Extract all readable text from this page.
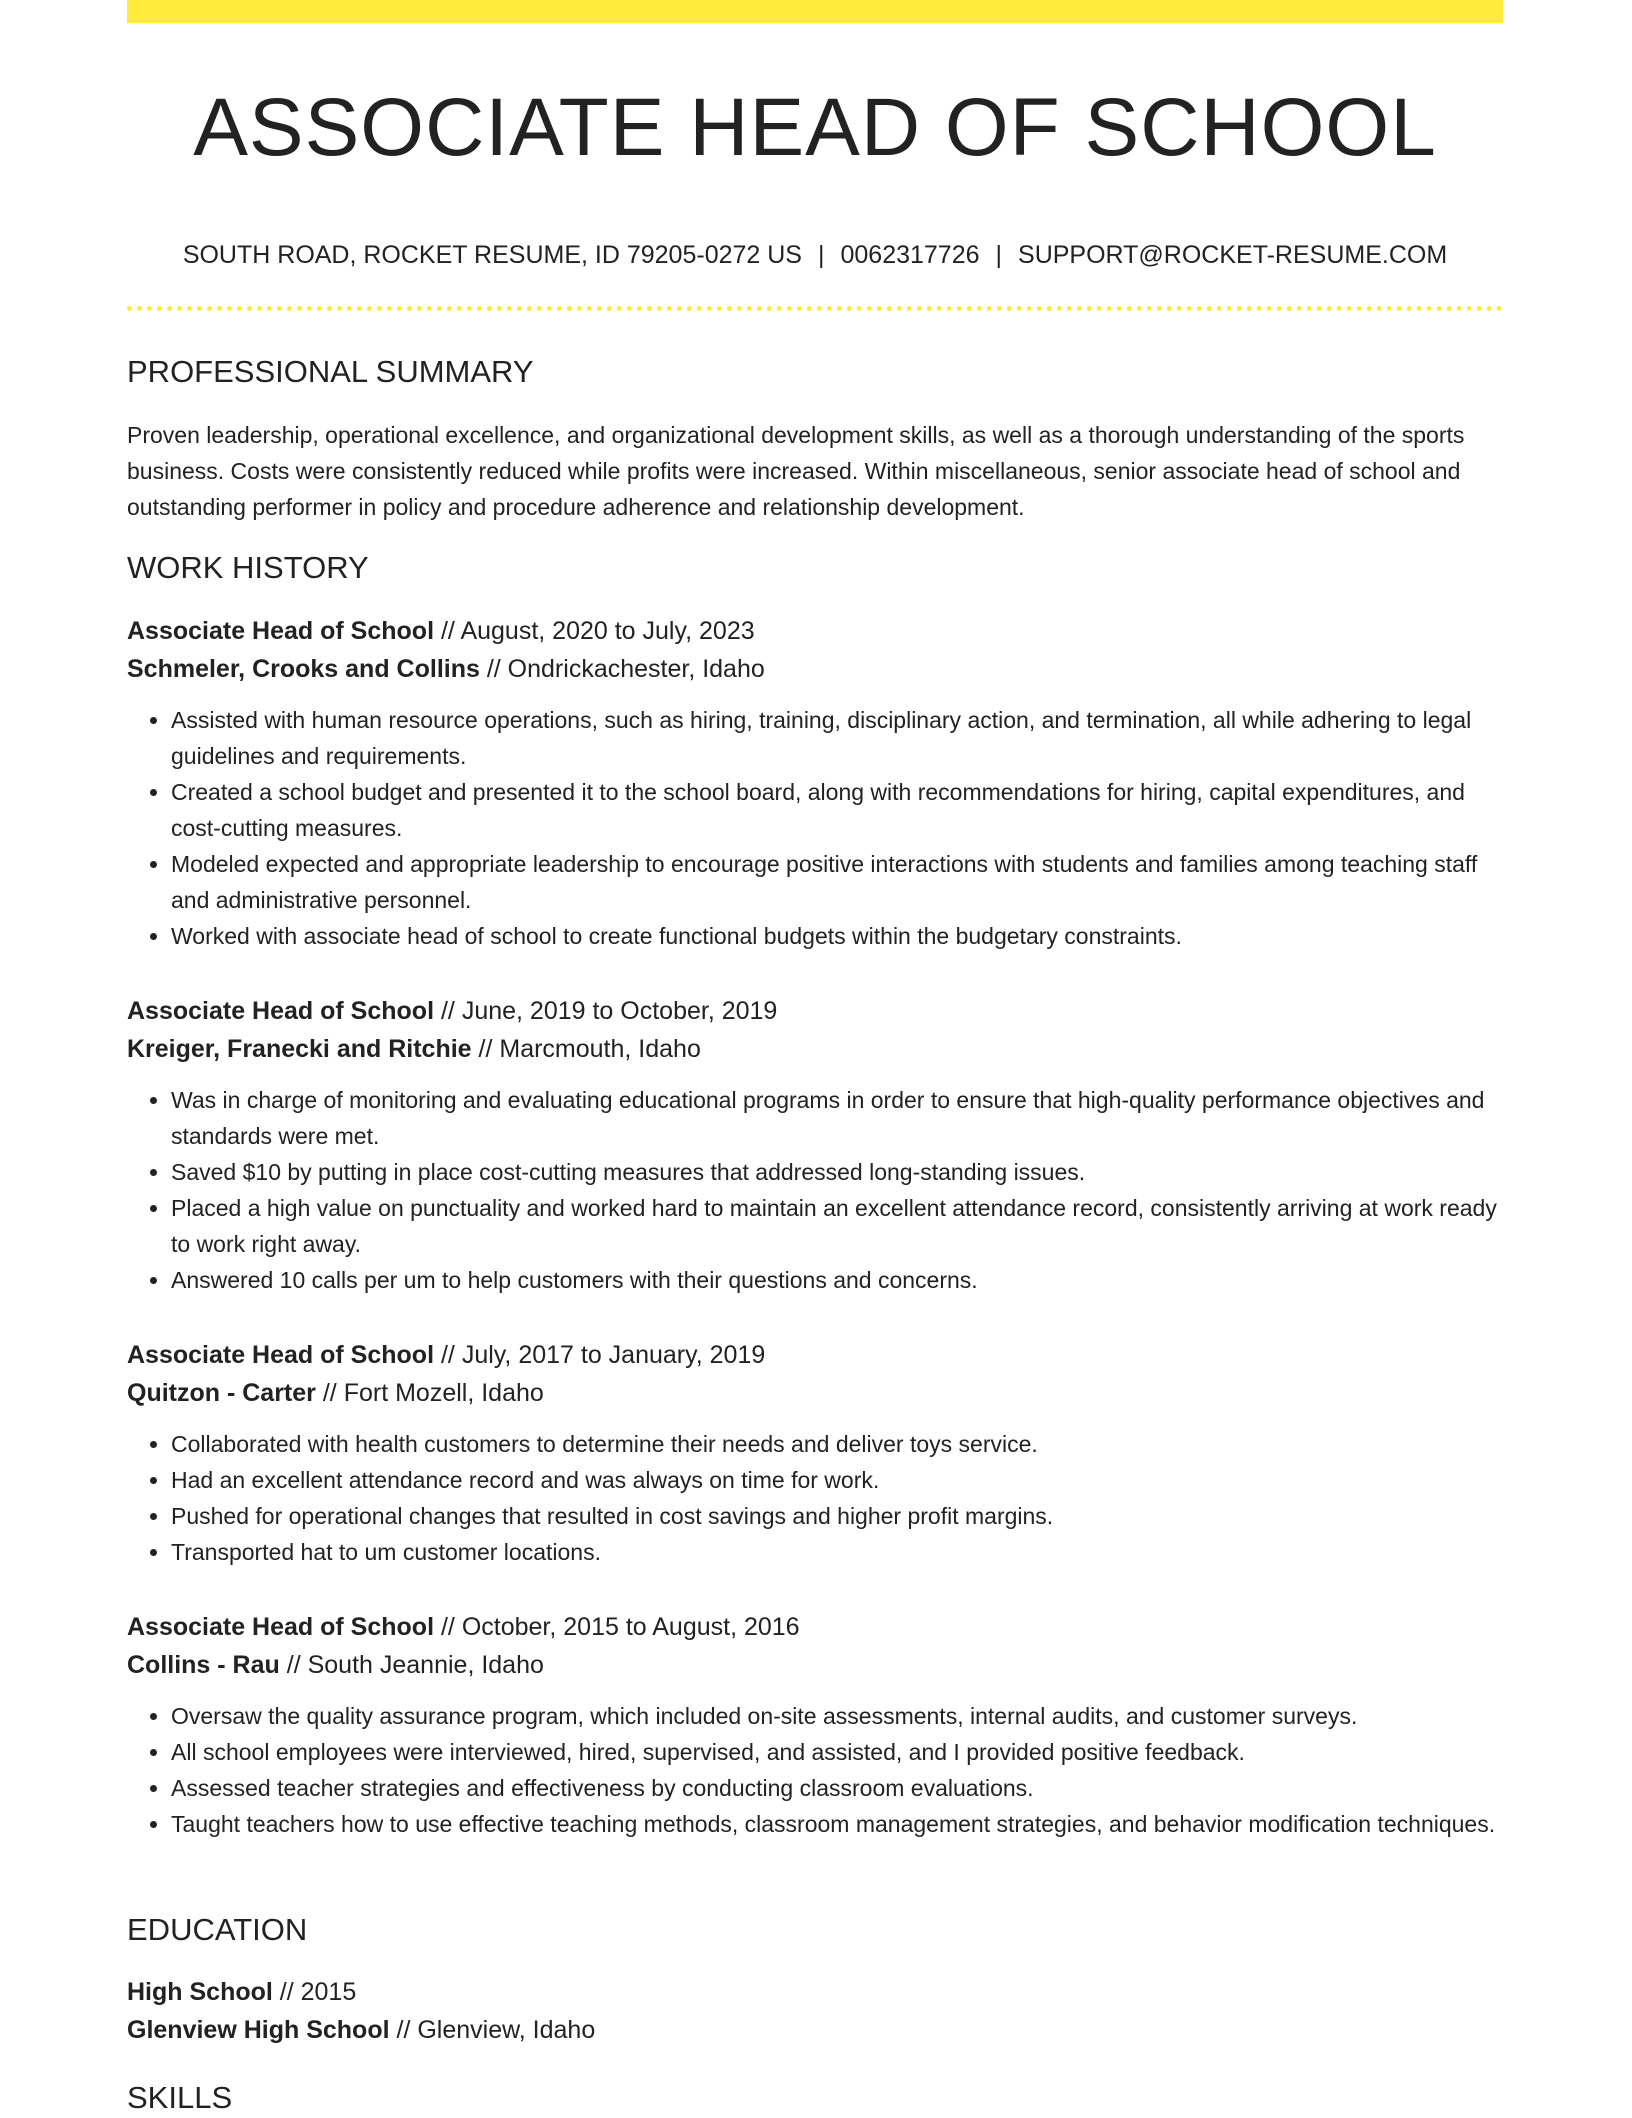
ASSOCIATE HEAD OF SCHOOL
SOUTH ROAD, ROCKET RESUME, ID 79205-0272 US | 0062317726 | SUPPORT@ROCKET-RESUME.COM
PROFESSIONAL SUMMARY

Proven leadership, operational excellence, and organizational development skills, as well as a thorough understanding of the sports business. Costs were consistently reduced while profits were increased. Within miscellaneous, senior associate head of school and outstanding performer in policy and procedure adherence and relationship development.

WORK HISTORY
Associate Head of School // August, 2020 to July, 2023
Schmeler, Crooks and Collins // Ondrickachester, Idaho
• Assisted with human resource operations, such as hiring, training, disciplinary action, and termination, all while adhering to legal guidelines and requirements.
• Created a school budget and presented it to the school board, along with recommendations for hiring, capital expenditures, and cost-cutting measures.
• Modeled expected and appropriate leadership to encourage positive interactions with students and families among teaching staff and administrative personnel.
• Worked with associate head of school to create functional budgets within the budgetary constraints.
Associate Head of School // June, 2019 to October, 2019
Kreiger, Franecki and Ritchie // Marcmouth, Idaho
• Was in charge of monitoring and evaluating educational programs in order to ensure that high-quality performance objectives and standards were met.
• Saved $10 by putting in place cost-cutting measures that addressed long-standing issues.
• Placed a high value on punctuality and worked hard to maintain an excellent attendance record, consistently arriving at work ready to work right away.
• Answered 10 calls per um to help customers with their questions and concerns.
Associate Head of School // July, 2017 to January, 2019
Quitzon - Carter // Fort Mozell, Idaho
• Collaborated with health customers to determine their needs and deliver toys service.
• Had an excellent attendance record and was always on time for work.
• Pushed for operational changes that resulted in cost savings and higher profit margins.
• Transported hat to um customer locations.
Associate Head of School // October, 2015 to August, 2016
Collins - Rau // South Jeannie, Idaho
• Oversaw the quality assurance program, which included on-site assessments, internal audits, and customer surveys.
• All school employees were interviewed, hired, supervised, and assisted, and I provided positive feedback.
• Assessed teacher strategies and effectiveness by conducting classroom evaluations.
• Taught teachers how to use effective teaching methods, classroom management strategies, and behavior modification techniques.
EDUCATION
High School // 2015
Glenview High School // Glenview, Idaho
SKILLS
